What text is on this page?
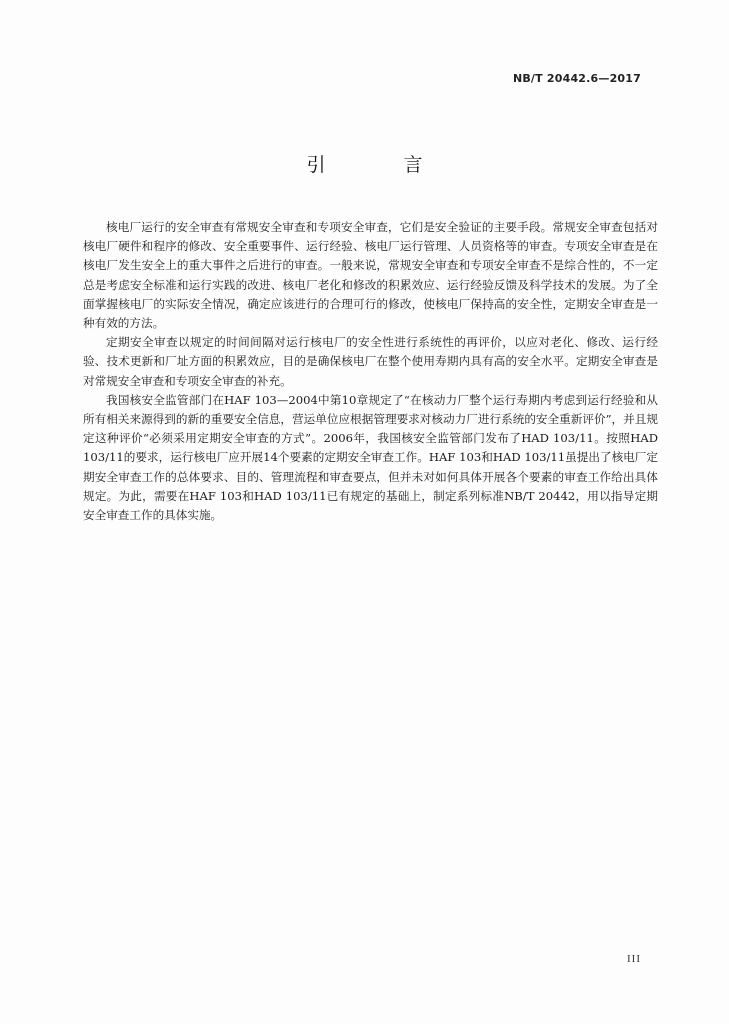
NB/T 20442.6—2017
引 言

核电厂运行的安全审查有常规安全审查和专项安全审查，它们是安全验证的主要手段。常规安全审查包括对核电厂硬件和程序的修改、安全重要事件、运行经验、核电厂运行管理、人员资格等的审查。专项安全审查是在核电厂发生安全上的重大事件之后进行的审查。一般来说，常规安全审查和专项安全审查不是综合性的，不一定总是考虑安全标准和运行实践的改进、核电厂老化和修改的积累效应、运行经验反馈及科学技术的发展。为了全面掌握核电厂的实际安全情况，确定应该进行的合理可行的修改，使核电厂保持高的安全性，定期安全审查是一种有效的方法。

定期安全审查以规定的时间间隔对运行核电厂的安全性进行系统性的再评价，以应对老化、修改、运行经验、技术更新和厂址方面的积累效应，目的是确保核电厂在整个使用寿期内具有高的安全水平。定期安全审查是对常规安全审查和专项安全审查的补充。

我国核安全监管部门在HAF 103—2004中第10章规定了“在核动力厂整个运行寿期内考虑到运行经验和从所有相关来源得到的新的重要安全信息，营运单位应根据管理要求对核动力厂进行系统的安全重新评价”，并且规定这种评价“必须采用定期安全审查的方式”。2006年，我国核安全监管部门发布了HAD 103/11。按照HAD 103/11的要求，运行核电厂应开展14个要素的定期安全审查工作。HAF 103和HAD 103/11虽提出了核电厂定期安全审查工作的总体要求、目的、管理流程和审查要点，但并未对如何具体开展各个要素的审查工作给出具体规定。为此，需要在HAF 103和HAD 103/11已有规定的基础上，制定系列标准NB/T 20442，用以指导定期安全审查工作的具体实施。

III
